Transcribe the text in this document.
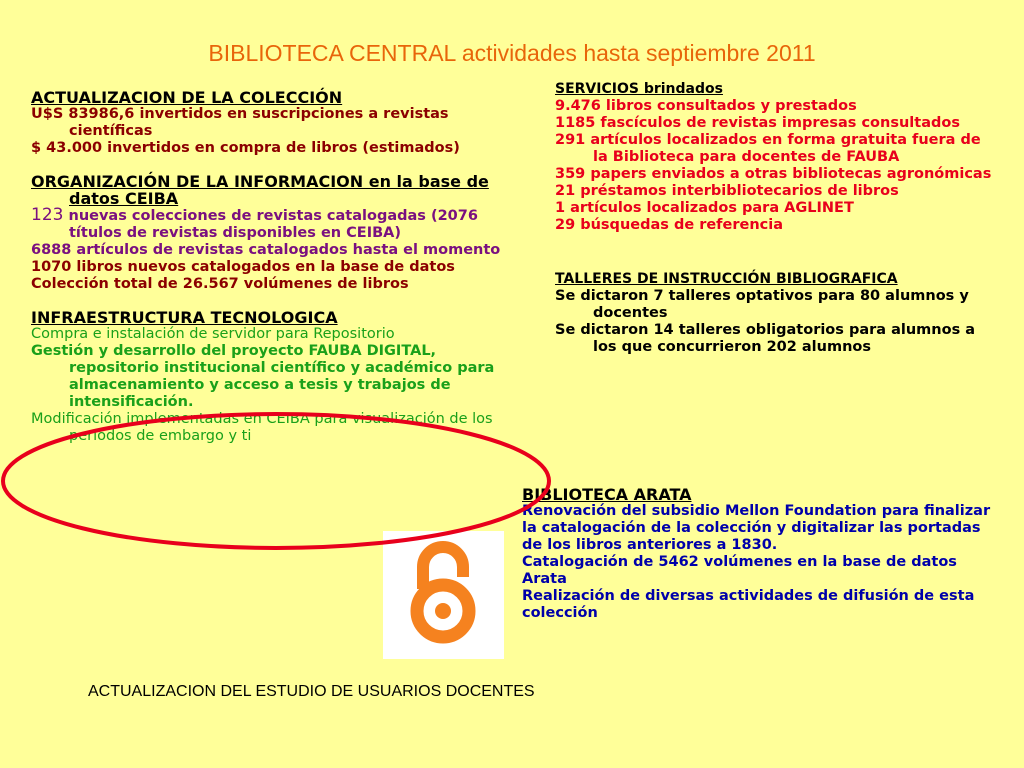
BIBLIOTECA CENTRAL actividades hasta septiembre 2011
ACTUALIZACION DE LA COLECCIÓN

U$S 83986,6 invertidos en suscripciones a revistas científicas

$ 43.000 invertidos en compra de libros (estimados)

ORGANIZACIÓN DE LA INFORMACION en la base de datos CEIBA

123 nuevas colecciones de revistas catalogadas (2076 títulos de revistas disponibles en CEIBA)

6888 artículos de revistas catalogados hasta el momento

1070 libros nuevos catalogados en la base de datos

Colección total de 26.567 volúmenes de libros

INFRAESTRUCTURA TECNOLOGICA

Compra e instalación de servidor para Repositorio

Gestión y desarrollo del proyecto FAUBA DIGITAL, repositorio institucional científico y académico para almacenamiento y acceso a tesis y trabajos de intensificación.

Modificación implementadas en CEIBA para visualización de los períodos de embargo y ti

SERVICIOS brindados

9.476 libros consultados y prestados

1185 fascículos de revistas impresas consultados

291 artículos localizados en forma gratuita fuera de la Biblioteca para docentes de FAUBA

359 papers enviados a otras bibliotecas agronómicas

21 préstamos interbibliotecarios de libros

1 artículos localizados para AGLINET

29 búsquedas de referencia

TALLERES DE INSTRUCCIÓN BIBLIOGRAFICA

Se dictaron 7 talleres optativos para 80 alumnos y docentes

Se dictaron 14 talleres obligatorios para alumnos a los que concurrieron 202 alumnos

BIBLIOTECA ARATA

Renovación del subsidio Mellon Foundation para finalizar la catalogación de la colección y digitalizar las portadas de los libros anteriores a 1830.

Catalogación de 5462 volúmenes en la base de datos Arata

Realización de diversas actividades de difusión de esta colección

ACTUALIZACION DEL ESTUDIO DE USUARIOS DOCENTES
